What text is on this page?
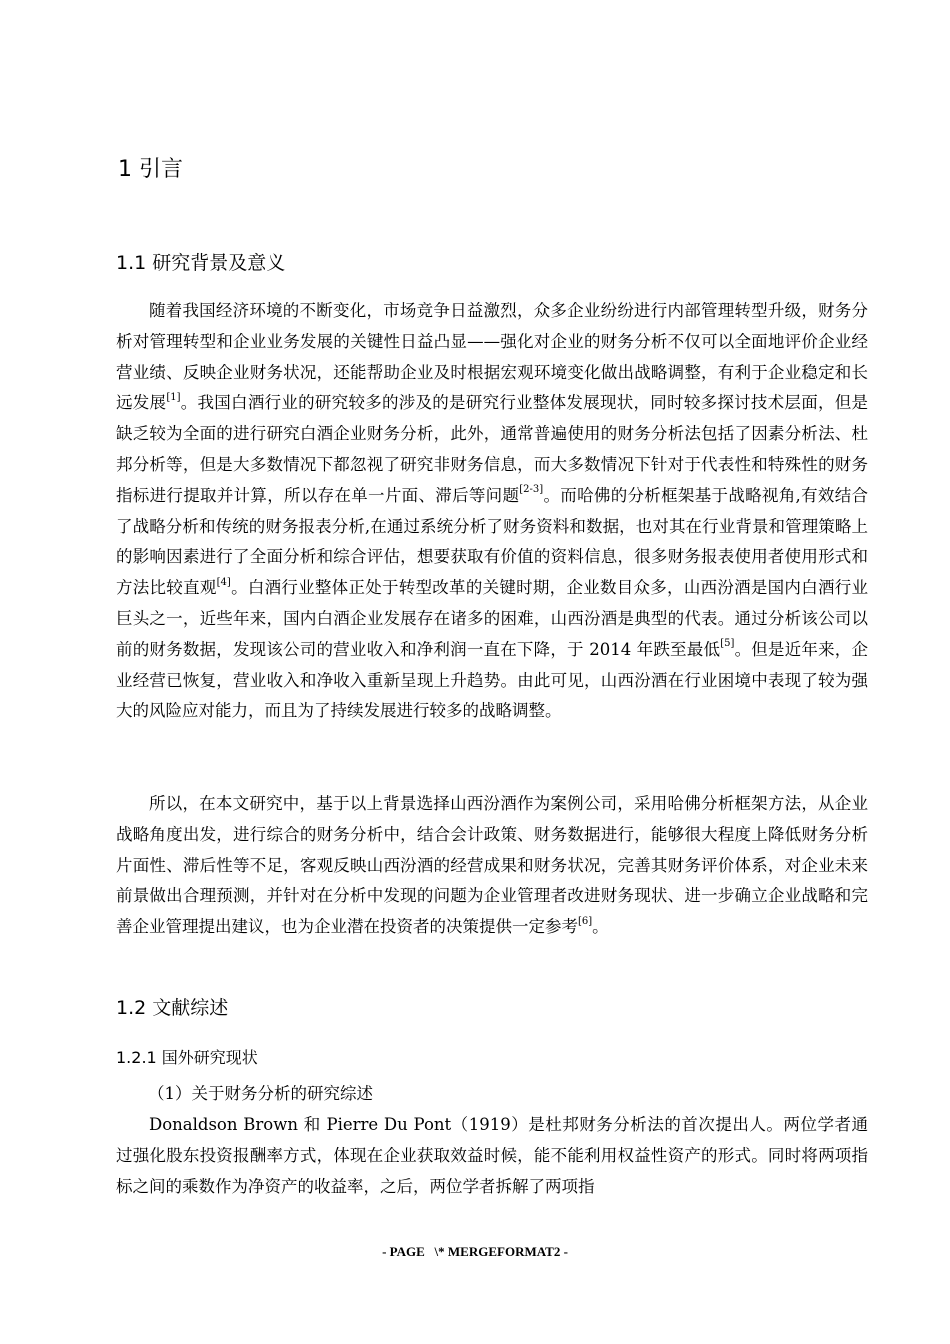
1 引言
1.1 研究背景及意义

随着我国经济环境的不断变化，市场竞争日益激烈，众多企业纷纷进行内部管理转型升级，财务分析对管理转型和企业业务发展的关键性日益凸显——强化对企业的财务分析不仅可以全面地评价企业经营业绩、反映企业财务状况，还能帮助企业及时根据宏观环境变化做出战略调整，有利于企业稳定和长远发展[1]。我国白酒行业的研究较多的涉及的是研究行业整体发展现状，同时较多探讨技术层面，但是缺乏较为全面的进行研究白酒企业财务分析，此外，通常普遍使用的财务分析法包括了因素分析法、杜邦分析等，但是大多数情况下都忽视了研究非财务信息，而大多数情况下针对于代表性和特殊性的财务指标进行提取并计算，所以存在单一片面、滞后等问题[2-3]。而哈佛的分析框架基于战略视角,有效结合了战略分析和传统的财务报表分析,在通过系统分析了财务资料和数据，也对其在行业背景和管理策略上的影响因素进行了全面分析和综合评估，想要获取有价值的资料信息，很多财务报表使用者使用形式和方法比较直观[4]。白酒行业整体正处于转型改革的关键时期，企业数目众多，山西汾酒是国内白酒行业巨头之一，近些年来，国内白酒企业发展存在诸多的困难，山西汾酒是典型的代表。通过分析该公司以前的财务数据，发现该公司的营业收入和净利润一直在下降，于 2014 年跌至最低[5]。但是近年来，企业经营已恢复，营业收入和净收入重新呈现上升趋势。由此可见，山西汾酒在行业困境中表现了较为强大的风险应对能力，而且为了持续发展进行较多的战略调整。

所以，在本文研究中，基于以上背景选择山西汾酒作为案例公司，采用哈佛分析框架方法，从企业战略角度出发，进行综合的财务分析中，结合会计政策、财务数据进行，能够很大程度上降低财务分析片面性、滞后性等不足，客观反映山西汾酒的经营成果和财务状况，完善其财务评价体系，对企业未来前景做出合理预测，并针对在分析中发现的问题为企业管理者改进财务现状、进一步确立企业战略和完善企业管理提出建议，也为企业潜在投资者的决策提供一定参考[6]。

1.2 文献综述
1.2.1 国外研究现状

（1）关于财务分析的研究综述

Donaldson Brown 和 Pierre Du Pont（1919）是杜邦财务分析法的首次提出人。两位学者通过强化股东投资报酬率方式，体现在企业获取效益时候，能不能利用权益性资产的形式。同时将两项指标之间的乘数作为净资产的收益率，之后，两位学者拆解了两项指

- PAGE   \* MERGEFORMAT2 -
